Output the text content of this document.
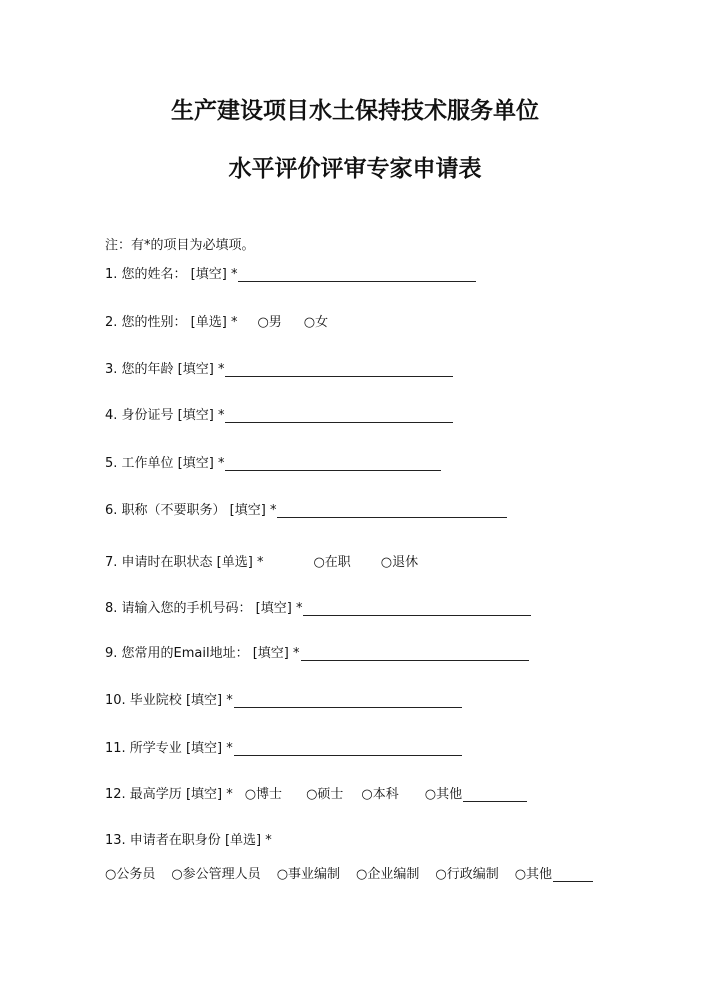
生产建设项目水土保持技术服务单位
水平评价评审专家申请表
注：有*的项目为必填项。
1. 您的姓名： [填空] *
2. 您的性别： [单选] * ○男 ○女
3. 您的年龄 [填空] *
4. 身份证号 [填空] *
5. 工作单位 [填空] *
6. 职称（不要职务） [填空] *
7. 申请时在职状态 [单选] *	○在职 ○退休
8. 请输入您的手机号码： [填空] *
9. 您常用的Email地址： [填空] *
10. 毕业院校 [填空] *
11. 所学专业 [填空] *
12. 最高学历 [填空] * ○博士 ○硕士 ○本科 ○其他
13. 申请者在职身份 [单选] *
○公务员 ○参公管理人员 ○事业编制 ○企业编制 ○行政编制 ○其他
